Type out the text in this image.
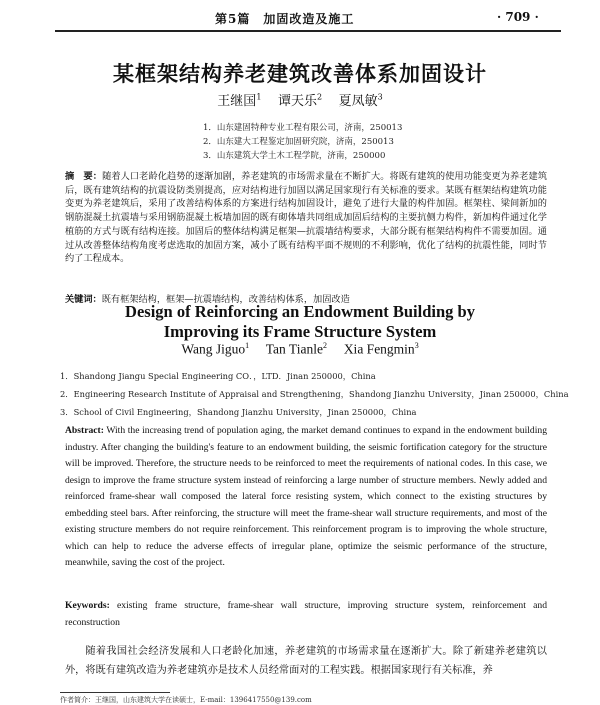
第5篇　加固改造及施工	· 709 ·
某框架结构养老建筑改善体系加固设计
王继国$^1$ 谭天乐$^2$ 夏凤敏$^3$
1．山东建固特种专业工程有限公司，济南，250013
2．山东建大工程鉴定加固研究院，济南，250013
3．山东建筑大学土木工程学院，济南，250000

摘　要：随着人口老龄化趋势的逐渐加剧，养老建筑的市场需求量在不断扩大。将既有建筑的使用功能变更为养老建筑后，既有建筑结构的抗震设防类别提高，应对结构进行加固以满足国家现行有关标准的要求。某既有框架结构建筑功能变更为养老建筑后，采用了改善结构体系的方案进行结构加固设计，避免了进行大量的构件加固。框架柱、梁间新加的钢筋混凝土抗震墙与采用钢筋混凝土板墙加固的既有砌体墙共同组成加固后结构的主要抗侧力构件，新加构件通过化学植筋的方式与既有结构连接。加固后的整体结构满足框架—抗震墙结构要求，大部分既有框架结构构件不需要加固。通过从改善整体结构角度考虑选取的加固方案，减小了既有结构平面不规则的不利影响，优化了结构的抗震性能，同时节约了工程成本。

关键词：既有框架结构，框架—抗震墙结构，改善结构体系，加固改造

Design of Reinforcing an Endowment Building by
Improving its Frame Structure System
Wang Jiguo$^1$ Tan Tianle$^2$ Xia Fengmin$^3$
1．Shandong Jiangu Special Engineering CO．，LTD．Jinan 250000，China
2．Engineering Research Institute of Appraisal and Strengthening，Shandong Jianzhu University，Jinan 250000，China
3．School of Civil Engineering，Shandong Jianzhu University，Jinan 250000，China

Abstract: With the increasing trend of population aging, the market demand continues to expand in the endowment building industry. After changing the building's feature to an endowment building, the seismic fortification category for the structure will be improved. Therefore, the structure needs to be reinforced to meet the requirements of national codes. In this case, we design to improve the frame structure system instead of reinforcing a large number of structure members. Newly added and reinforced frame-shear wall composed the lateral force resisting system, which connect to the existing structures by embedding steel bars. After reinforcing, the structure will meet the frame-shear wall structure requirements, and most of the existing structure members do not require reinforcement. This reinforcement program is to improving the whole structure, which can help to reduce the adverse effects of irregular plane, optimize the seismic performance of the structure, meanwhile, saving the cost of the project.

Keywords: existing frame structure, frame-shear wall structure, improving structure system, reinforcement and reconstruction

随着我国社会经济发展和人口老龄化加速，养老建筑的市场需求量在逐渐扩大。除了新建养老建筑以外，将既有建筑改造为养老建筑亦是技术人员经常面对的工程实践。根据国家现行有关标准，养

作者简介：王继国，山东建筑大学在读硕士，E-mail：1396417550@139.com
